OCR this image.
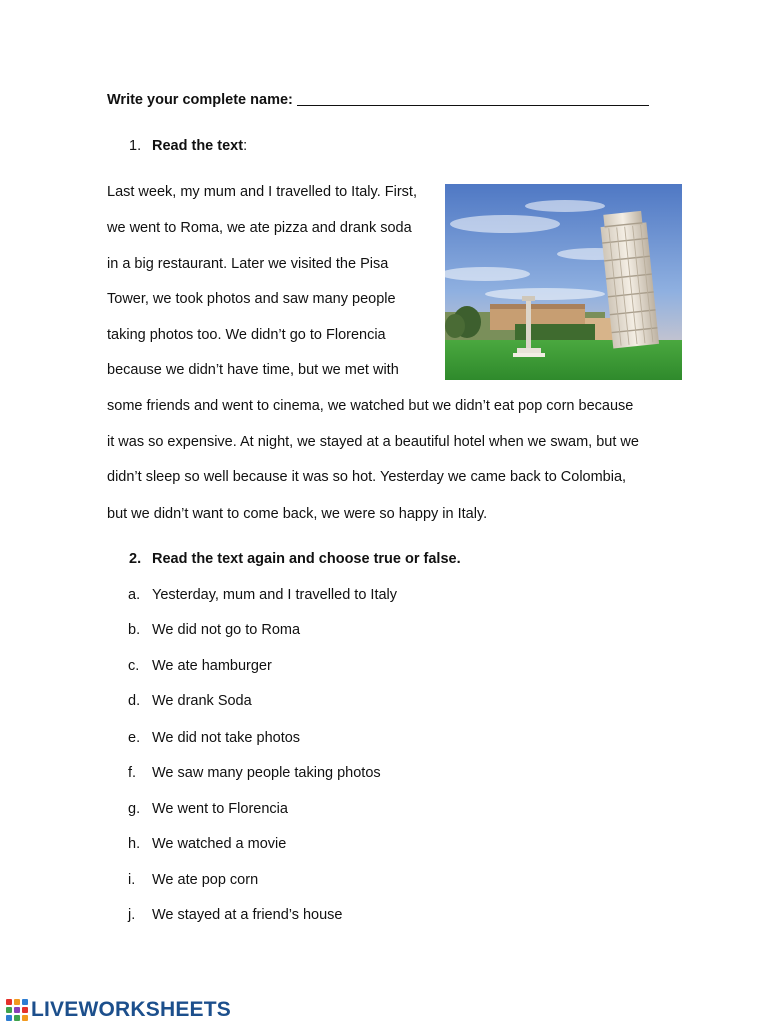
Write your complete name:
1. Read the text:
Last week, my mum and I travelled to Italy. First,
we went to Roma, we ate pizza and drank soda
in a big restaurant. Later we visited the Pisa
Tower, we took photos and saw many people
taking photos too. We didn’t go to Florencia
because we didn’t have time, but we met with
some friends and went to cinema, we watched but we didn’t eat pop corn because
it was so expensive. At night, we stayed at a beautiful hotel when we swam, but we
didn’t sleep so well because it was so hot. Yesterday we came back to Colombia,
but we didn’t want to come back, we were so happy in Italy.
2. Read the text again and choose true or false.
a. Yesterday, mum and I travelled to Italy
b. We did not go to Roma
c. We ate hamburger
d. We drank Soda
e. We did not take photos
f. We saw many people taking photos
g. We went to Florencia
h. We watched a movie
i. We ate pop corn
j. We stayed at a friend’s house
LIVEWORKSHEETS
